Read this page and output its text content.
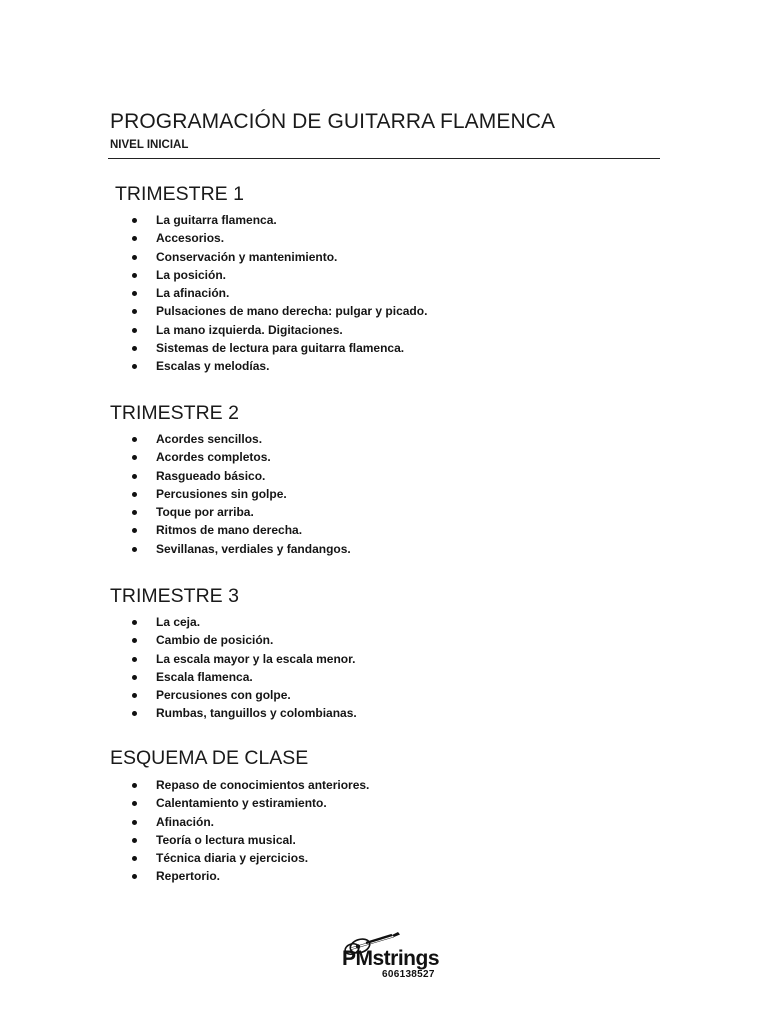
PROGRAMACIÓN DE GUITARRA FLAMENCA
NIVEL INICIAL
TRIMESTRE 1
La guitarra flamenca.
Accesorios.
Conservación y mantenimiento.
La posición.
La afinación.
Pulsaciones de mano derecha: pulgar y picado.
La mano izquierda. Digitaciones.
Sistemas de lectura para guitarra flamenca.
Escalas y melodías.
TRIMESTRE 2
Acordes sencillos.
Acordes completos.
Rasgueado básico.
Percusiones sin golpe.
Toque por arriba.
Ritmos de mano derecha.
Sevillanas, verdiales y fandangos.
TRIMESTRE 3
La ceja.
Cambio de posición.
La escala mayor y la escala menor.
Escala flamenca.
Percusiones con golpe.
Rumbas, tanguillos y colombianas.
ESQUEMA DE CLASE
Repaso de conocimientos anteriores.
Calentamiento y estiramiento.
Afinación.
Teoría o lectura musical.
Técnica diaria y ejercicios.
Repertorio.
PMstrings
606138527
